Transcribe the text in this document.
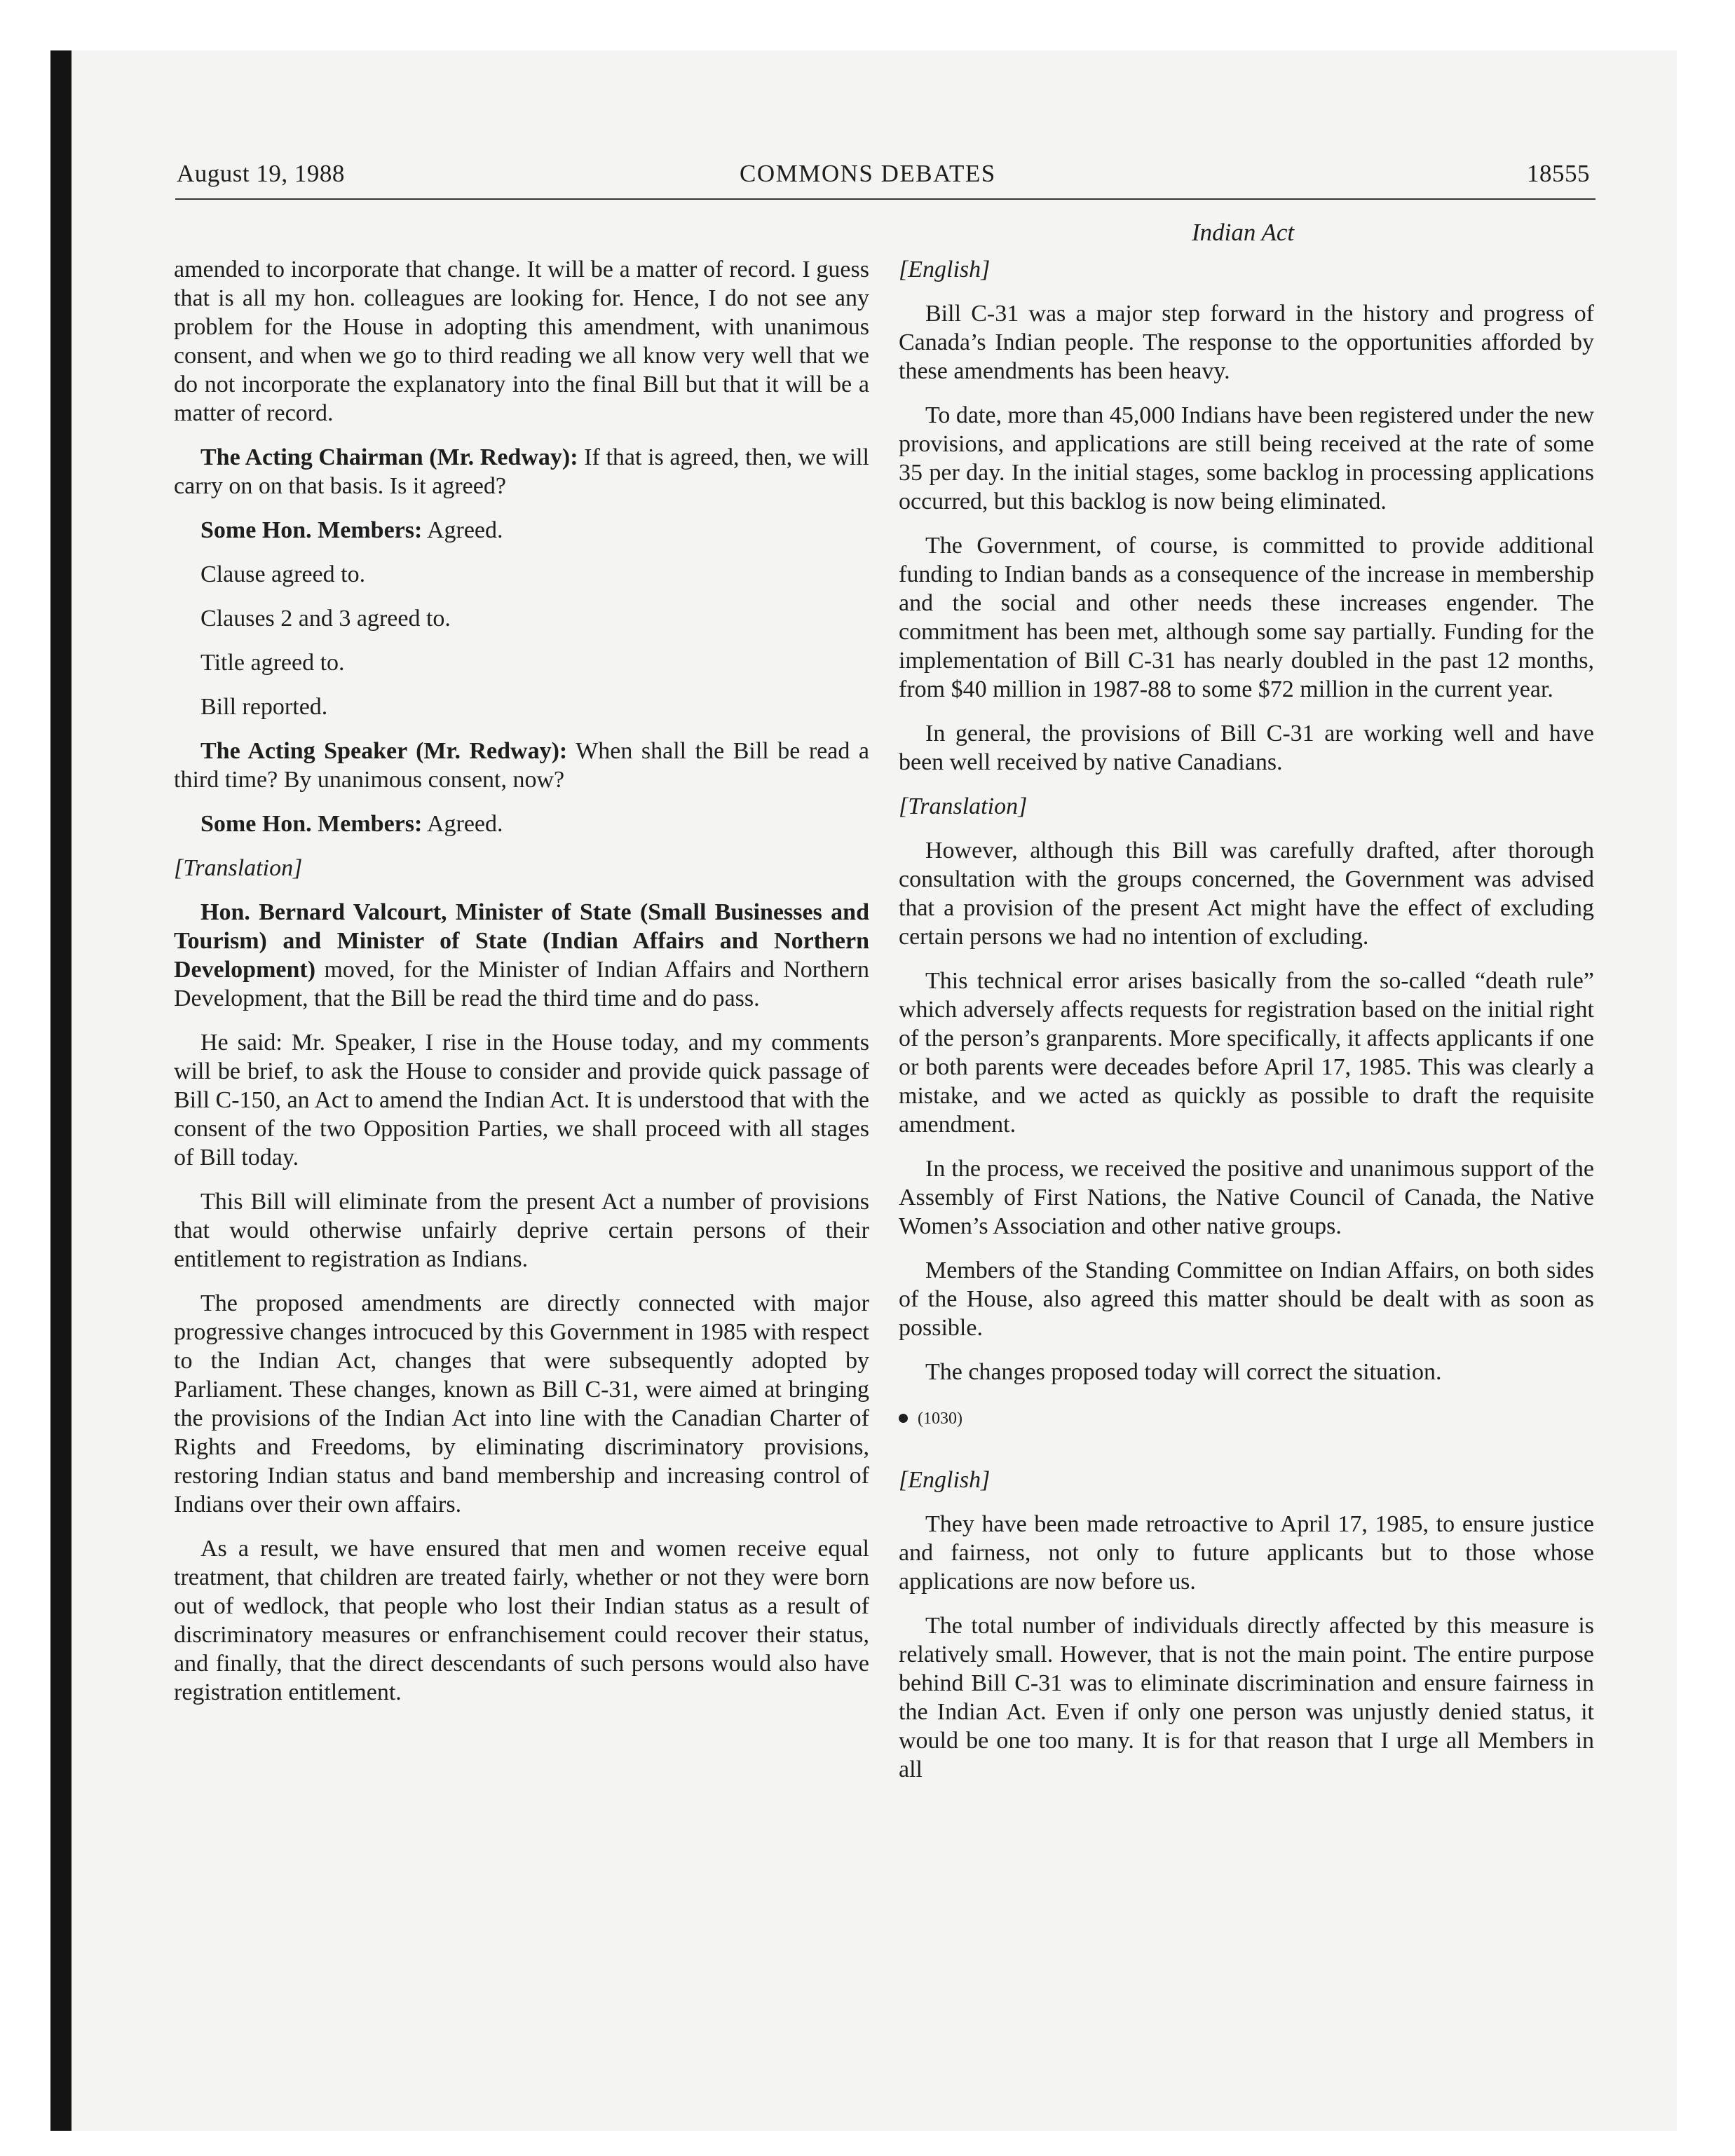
August 19, 1988	COMMONS DEBATES	18555
Indian Act

amended to incorporate that change. It will be a matter of record. I guess that is all my hon. colleagues are looking for. Hence, I do not see any problem for the House in adopting this amendment, with unanimous consent, and when we go to third reading we all know very well that we do not incorporate the explanatory into the final Bill but that it will be a matter of record.

The Acting Chairman (Mr. Redway): If that is agreed, then, we will carry on on that basis. Is it agreed?

Some Hon. Members: Agreed.

Clause agreed to.

Clauses 2 and 3 agreed to.

Title agreed to.

Bill reported.

The Acting Speaker (Mr. Redway): When shall the Bill be read a third time? By unanimous consent, now?

Some Hon. Members: Agreed.

[Translation]

Hon. Bernard Valcourt, Minister of State (Small Businesses and Tourism) and Minister of State (Indian Affairs and Northern Development) moved, for the Minister of Indian Affairs and Northern Development, that the Bill be read the third time and do pass.

He said: Mr. Speaker, I rise in the House today, and my comments will be brief, to ask the House to consider and provide quick passage of Bill C-150, an Act to amend the Indian Act. It is understood that with the consent of the two Opposition Parties, we shall proceed with all stages of Bill today.

This Bill will eliminate from the present Act a number of provisions that would otherwise unfairly deprive certain persons of their entitlement to registration as Indians.

The proposed amendments are directly connected with major progressive changes introcuced by this Government in 1985 with respect to the Indian Act, changes that were subsequently adopted by Parliament. These changes, known as Bill C-31, were aimed at bringing the provisions of the Indian Act into line with the Canadian Charter of Rights and Freedoms, by eliminating discriminatory provisions, restoring Indian status and band membership and increasing control of Indians over their own affairs.

As a result, we have ensured that men and women receive equal treatment, that children are treated fairly, whether or not they were born out of wedlock, that people who lost their Indian status as a result of discriminatory measures or enfranchisement could recover their status, and finally, that the direct descendants of such persons would also have registration entitlement.

[English]

Bill C-31 was a major step forward in the history and progress of Canada’s Indian people. The response to the opportunities afforded by these amendments has been heavy.

To date, more than 45,000 Indians have been registered under the new provisions, and applications are still being received at the rate of some 35 per day. In the initial stages, some backlog in processing applications occurred, but this backlog is now being eliminated.

The Government, of course, is committed to provide additional funding to Indian bands as a consequence of the increase in membership and the social and other needs these increases engender. The commitment has been met, although some say partially. Funding for the implementation of Bill C-31 has nearly doubled in the past 12 months, from $40 million in 1987-88 to some $72 million in the current year.

In general, the provisions of Bill C-31 are working well and have been well received by native Canadians.

[Translation]

However, although this Bill was carefully drafted, after thorough consultation with the groups concerned, the Government was advised that a provision of the present Act might have the effect of excluding certain persons we had no intention of excluding.

This technical error arises basically from the so-called “death rule” which adversely affects requests for registration based on the initial right of the person’s granparents. More specifically, it affects applicants if one or both parents were deceades before April 17, 1985. This was clearly a mistake, and we acted as quickly as possible to draft the requisite amendment.

In the process, we received the positive and unanimous support of the Assembly of First Nations, the Native Council of Canada, the Native Women’s Association and other native groups.

Members of the Standing Committee on Indian Affairs, on both sides of the House, also agreed this matter should be dealt with as soon as possible.

The changes proposed today will correct the situation.

(1030)

[English]

They have been made retroactive to April 17, 1985, to ensure justice and fairness, not only to future applicants but to those whose applications are now before us.

The total number of individuals directly affected by this measure is relatively small. However, that is not the main point. The entire purpose behind Bill C-31 was to eliminate discrimination and ensure fairness in the Indian Act. Even if only one person was unjustly denied status, it would be one too many. It is for that reason that I urge all Members in all
